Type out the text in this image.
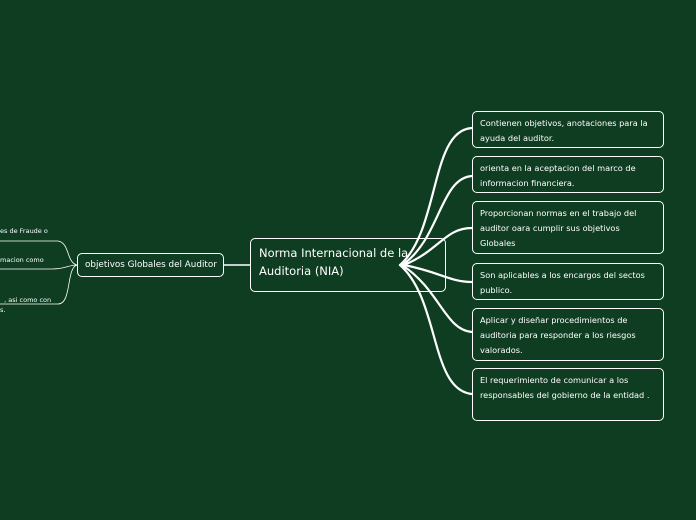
Norma Internacional de la Auditoria (NIA)
objetivos Globales del Auditor
es de Fraude o
macion como

, asi como con
s.

Contienen objetivos, anotaciones para la ayuda del auditor.
orienta en la aceptacion del marco de informacion financiera.
Proporcionan normas en el trabajo del auditor oara cumplir sus objetivos Globales
Son aplicables a los encargos del sectos publico.
Aplicar y diseñar procedimientos de auditoria para responder a los riesgos valorados.
El requerimiento de comunicar a los responsables del gobierno de la entidad .
